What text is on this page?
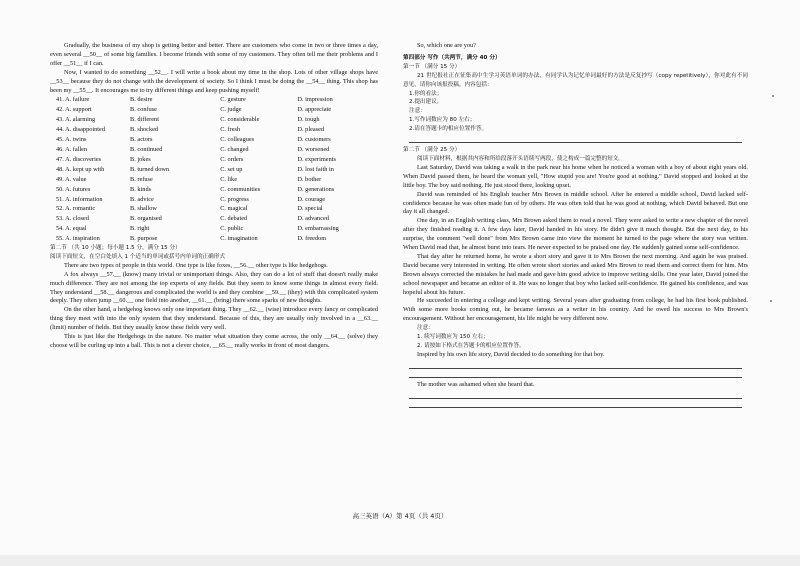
Gradually, the business of my shop is getting better and better. There are customers who come in two or three times a day, even several __50__ of some big families. I become friends with some of my customers. They often tell me their problems and I offer __51__ if I can.

Now, I wanted to do something __52__. I will write a book about my time in the shop. Lots of other village shops have __53__ because they do not change with the development of society. So I think I must be doing the __54__ thing. This shop has been my __55__. It encourages me to try different things and keep pushing myself!

41. A. failure	B. desire	C. gesture	D. impression
42. A. support	B. confuse	C. judge	D. appreciate
43. A. alarming	B. different	C. considerable	D. tough
44. A. disappointed	B. shocked	C. fresh	D. pleased
45. A. twins	B. actors	C. colleagues	D. customers
46. A. fallen	B. continued	C. changed	D. worsened
47. A. discoveries	B. jokes	C. orders	D. experiments
48. A. kept up with	B. turned down	C. set up	D. lost faith in
49. A. value	B. refuse	C. like	D. bother
50. A. futures	B. kinds	C. communities	D. generations
51. A. information	B. advice	C. progress	D. courage
52. A. romantic	B. shallow	C. magical	D. special
53. A. closed	B. organised	C. debated	D. advanced
54. A. equal	B. right	C. public	D. embarrassing
55. A. inspiration	B. purpose	C. imagination	D. freedom

第二节 （共 10 小题；每小题 1.5 分，满分 15 分）

阅读下面短文，在空白处填入 1 个适当的单词或括号内单词的正确形式

There are two types of people in this world. One type is like foxes, __56.__ other type is like hedgehogs.

A fox always __57.__ (know) many trivial or unimportant things. Also, they can do a lot of stuff that doesn't really make much difference. They are not among the top experts of any fields. But they seem to know some things in almost every field. They understand __58.__ dangerous and complicated the world is and they combine __59.__ (they) with this complicated system deeply. They often jump __60.__ one field into another, __61.__ (bring) there some sparks of new thoughts.

On the other hand, a hedgehog knows only one important thing. They __62.__ (wise) introduce every fancy or complicated thing they meet with into the only system that they understand. Because of this, they are usually only involved in a __63.__ (limit) number of fields. But they usually know these fields very well.

This is just like the Hedgehogs in the nature. No matter what situation they come across, the only __64.__ (solve) they choose will be curling up into a ball. This is not a clever choice, __65.__ really works in front of most dangers.

So, which one are you?

第四部分 写作（共两节，满分 40 分）

第一节 （满分 15 分）

21 世纪报社正在征集高中生学习英语单词的办法，有同学认为记忆单词最好的方法是反复抄写（copy repetitively），你对此有不同意见，请你向该报投稿，内容包括：

1.你的看法；

2.提出建议。

注意：

1.写作词数应为 80 左右；

2.请在答题卡的相应位置作答。

第二节 （满分 25 分）

阅读下面材料，根据其内容和所给段落开头语续写两段，使之构成一篇完整的短文。

Last Saturday, David was taking a walk in the park near his home when he noticed a woman with a boy of about eight years old. When David passed them, he heard the woman yell, "How stupid you are! You're good at nothing." David stopped and looked at the little boy. The boy said nothing. He just stood there, looking upset.

David was reminded of his English teacher Mrs Brown in middle school. After he entered a middle school, David lacked self-confidence because he was often made fun of by others. He was often told that he was good at nothing, which David behaved. But one day it all changed.

One day, in an English writing class, Mrs Brown asked them to read a novel. They were asked to write a new chapter of the novel after they finished reading it. A few days later, David handed in his story. He didn't give it much thought. But the next day, to his surprise, the comment "well done" from Mrs Brown came into view the moment he turned to the page where the story was written. When David read that, he almost burst into tears. He never expected to be praised one day. He suddenly gained some self-confidence.

That day after he returned home, he wrote a short story and gave it to Mrs Brown the next morning. And again he was praised. David became very interested in writing. He often wrote short stories and asked Mrs Brown to read them and correct them for him. Mrs Brown always corrected the mistakes he had made and gave him good advice to improve writing skills. One year later, David joined the school newspaper and became an editor of it. He was no longer that boy who lacked self-confidence. He gained his confidence, and was hopeful about his future.

He succeeded in entering a college and kept writing. Several years after graduating from college, he had his first book published. With some more books coming out, he became famous as a writer in his country. And he owed his success to Mrs Brown's encouragement. Without her encouragement, his life might be very different now.

注意：

1. 续写词数应为 150 左右；

2. 请按如下格式在答题卡的相应位置作答。

Inspired by his own life story, David decided to do something for that boy.

The mother was ashamed when she heard that.

高三英语（A）第 4页（共 4页）
